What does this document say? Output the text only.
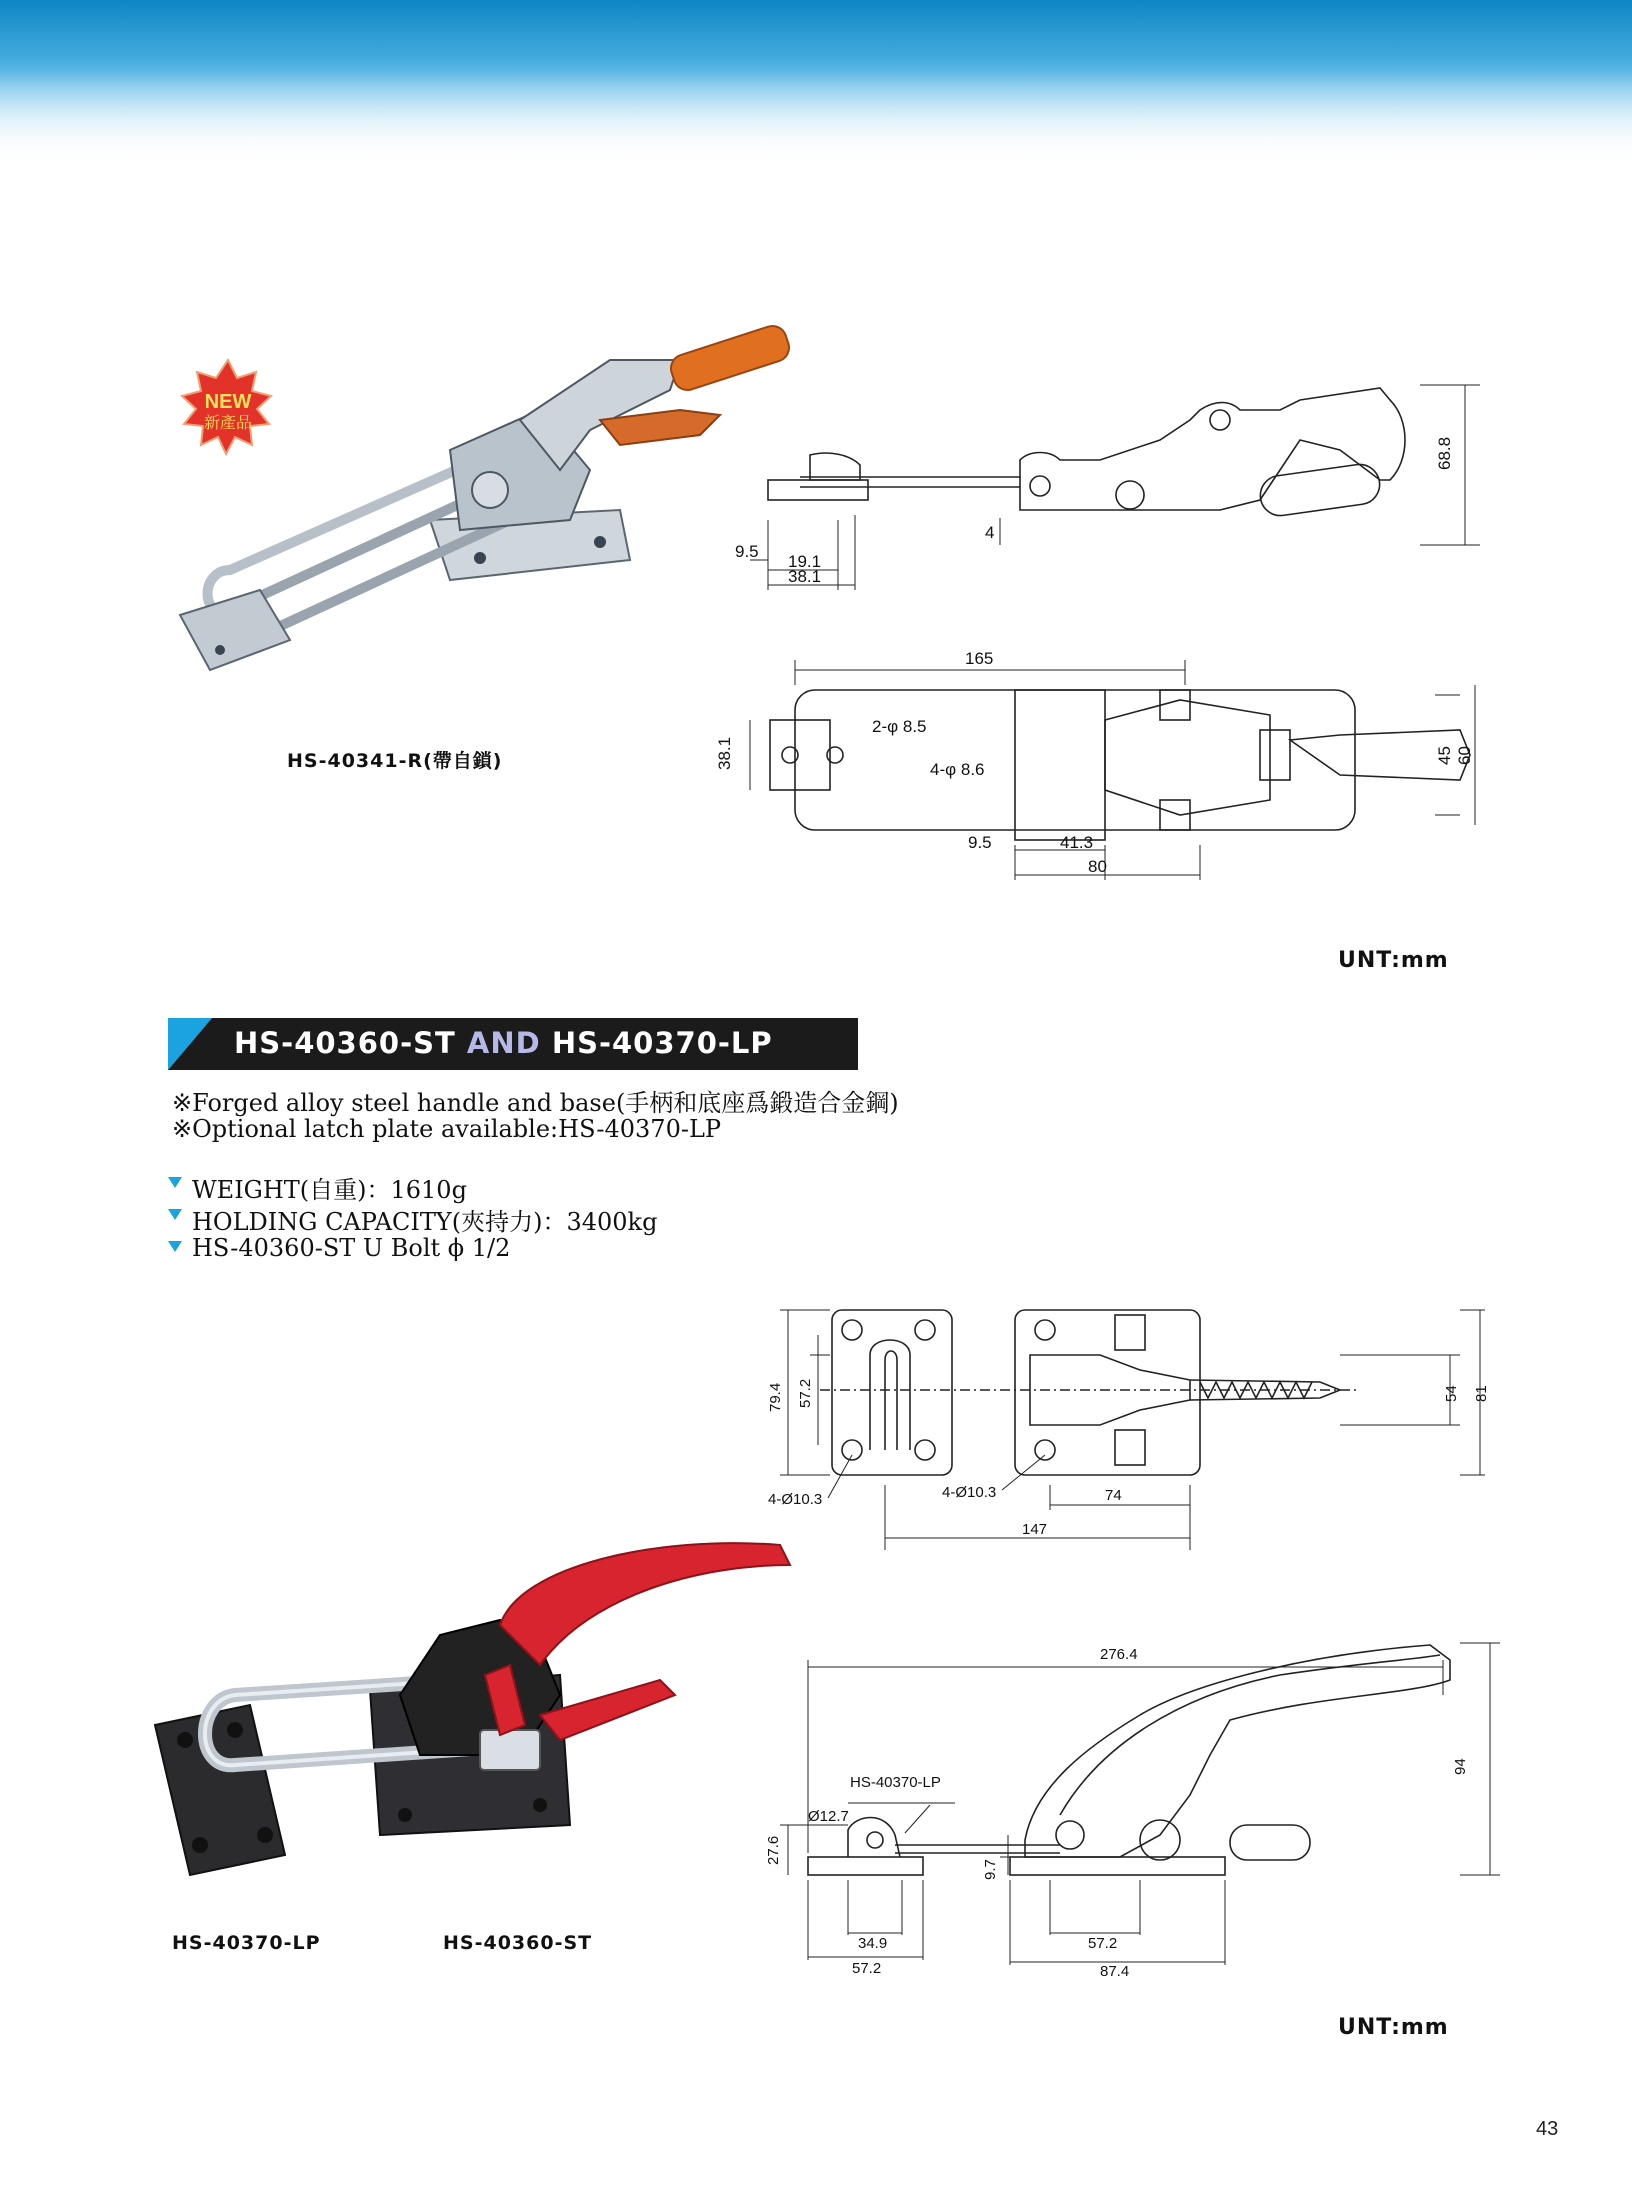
NEW
新產品
HS-40341-R(帶自鎖)
9.5
19.1
38.1
4
68.8
165
2-φ 8.5
4-φ 8.6
38.1	45 60
9.5	41.3
80
UNT:mm
HS-40360-ST AND HS-40370-LP
※Forged alloy steel handle and base(手柄和底座爲鍛造合金鋼)
※Optional latch plate available:HS-40370-LP
WEIGHT(自重)：1610g
HOLDING CAPACITY(夾持力)：3400kg
HS-40360-ST U Bolt ϕ 1/2
79.4 57.2
4-Ø10.3	4-Ø10.3	74
147
54 81
HS-40370-LP	HS-40360-ST
276.4
HS-40370-LP
Ø12.7
27.6
9.7
34.9
57.2
57.2
87.4
94
UNT:mm
43
